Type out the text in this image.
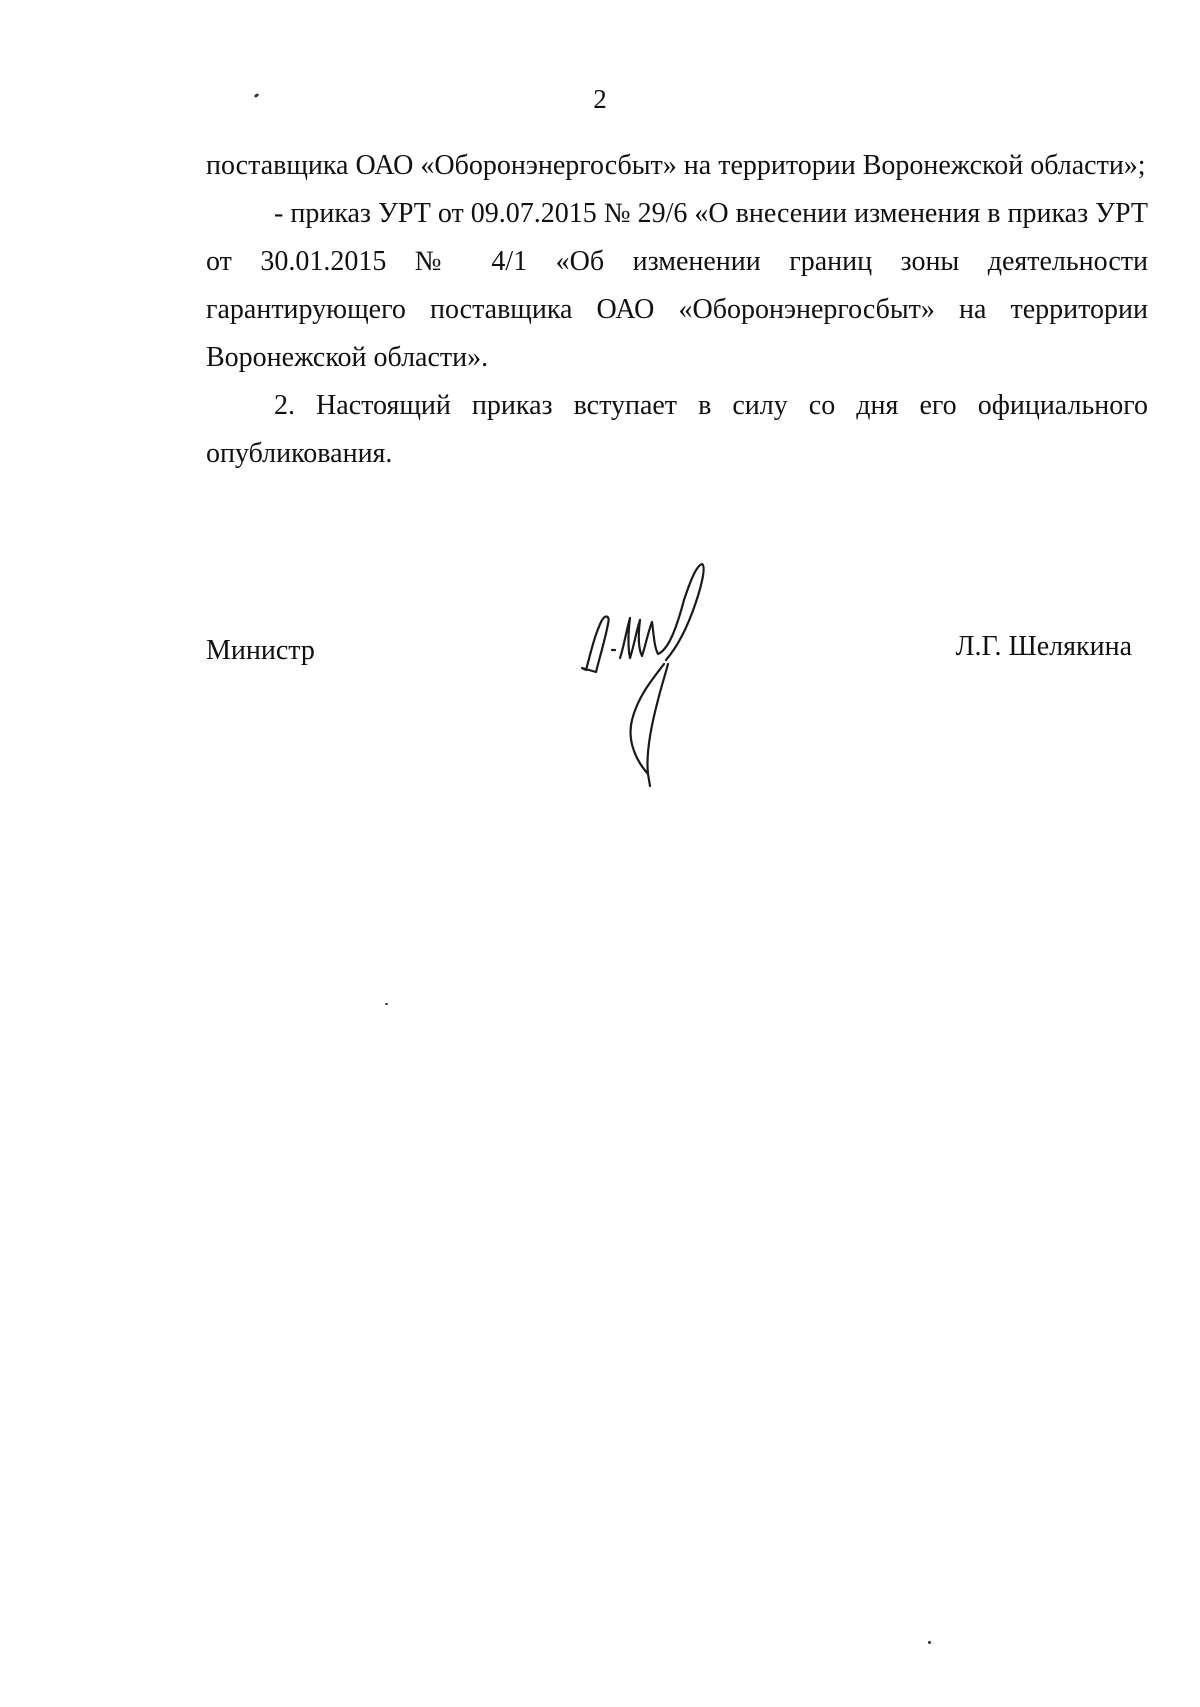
2

поставщика ОАО «Оборонэнергосбыт» на территории Воронежской области»;

- приказ УРТ от 09.07.2015 № 29/6 «О внесении изменения в приказ УРТ от 30.01.2015 № 4/1 «Об изменении границ зоны деятельности гарантирующего поставщика ОАО «Оборонэнергосбыт» на территории Воронежской области».

2. Настоящий приказ вступает в силу со дня его официального опубликования.

Министр	Л.Г. Шелякина
